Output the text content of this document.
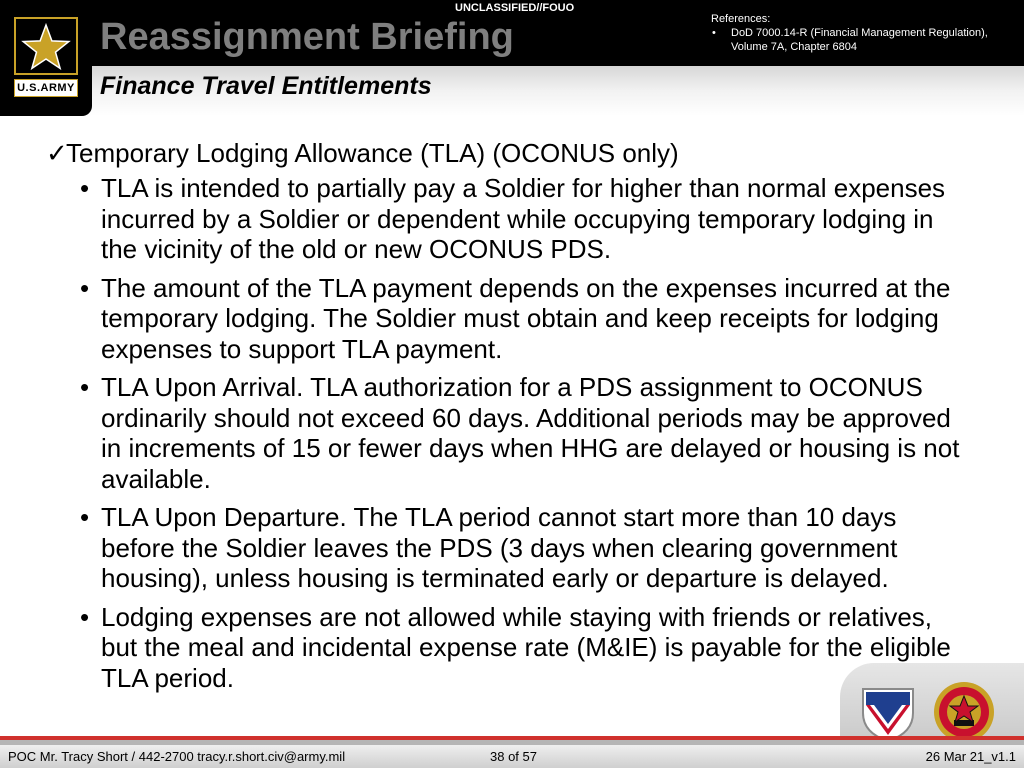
U.S.ARMY
UNCLASSIFIED//FOUO
Reassignment Briefing
Finance Travel Entitlements
References:
• DoD 7000.14-R (Financial Management Regulation), Volume 7A, Chapter 6804
✓
Temporary Lodging Allowance (TLA) (OCONUS only)
• TLA is intended to partially pay a Soldier for higher than normal expenses incurred by a Soldier or dependent while occupying temporary lodging in the vicinity of the old or new OCONUS PDS.
• The amount of the TLA payment depends on the expenses incurred at the temporary lodging. The Soldier must obtain and keep receipts for lodging expenses to support TLA payment.
• TLA Upon Arrival. TLA authorization for a PDS assignment to OCONUS ordinarily should not exceed 60 days. Additional periods may be approved in increments of 15 or fewer days when HHG are delayed or housing is not available.
• TLA Upon Departure. The TLA period cannot start more than 10 days before the Soldier leaves the PDS (3 days when clearing government housing), unless housing is terminated early or departure is delayed.
• Lodging expenses are not allowed while staying with friends or relatives, but the meal and incidental expense rate (M&IE) is payable for the eligible TLA period.
POC Mr. Tracy Short / 442-2700 tracy.r.short.civ@army.mil	38 of 57	26 Mar 21_v1.1
